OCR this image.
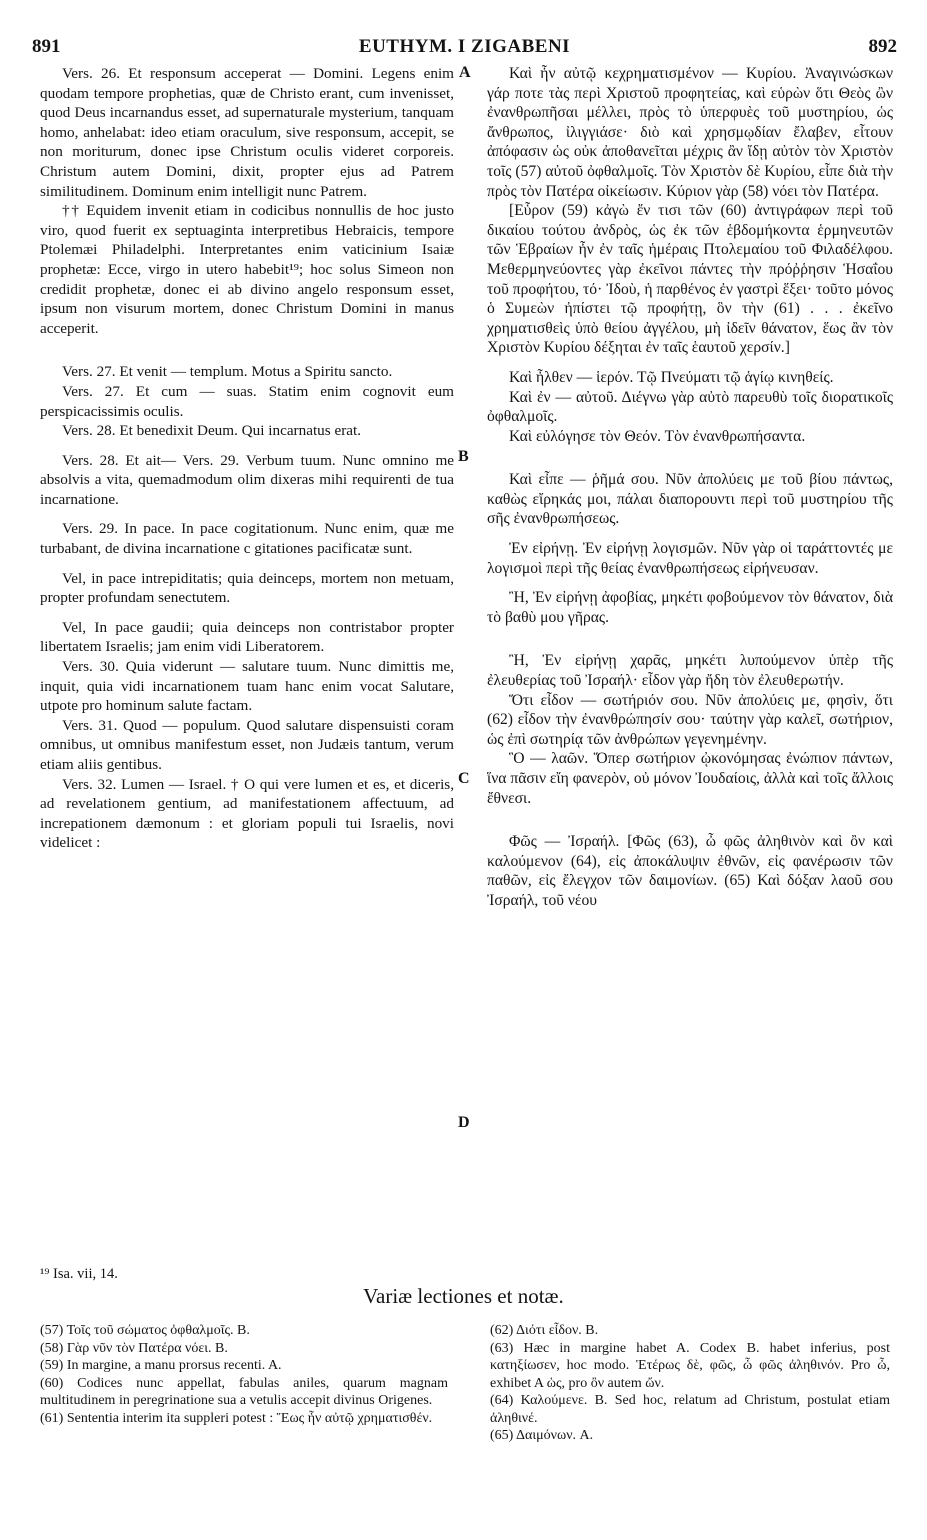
891	EUTHYM. I ZIGABENI	892
A
B
C
D

Vers. 26. Et responsum acceperat — Domini. Legens enim quodam tempore prophetias, quæ de Christo erant, cum invenisset, quod Deus incarnandus esset, ad supernaturale mysterium, tanquam homo, anhelabat: ideo etiam oraculum, sive responsum, accepit, se non moriturum, donec ipse Christum oculis videret corporeis. Christum autem Domini, dixit, propter ejus ad Patrem similitudinem. Dominum enim intelligit nunc Patrem.

†† Equidem invenit etiam in codicibus nonnullis de hoc justo viro, quod fuerit ex septuaginta interpretibus Hebraicis, tempore Ptolemæi Philadelphi. Interpretantes enim vaticinium Isaiæ prophetæ: Ecce, virgo in utero habebit¹⁹; hoc solus Simeon non credidit prophetæ, donec ei ab divino angelo responsum esset, ipsum non visurum mortem, donec Christum Domini in manus acceperit.

Vers. 27. Et venit — templum. Motus a Spiritu sancto.

Vers. 27. Et cum — suas. Statim enim cognovit eum perspicacissimis oculis.

Vers. 28. Et benedixit Deum. Qui incarnatus erat.

Vers. 28. Et ait— Vers. 29. Verbum tuum. Nunc omnino me absolvis a vita, quemadmodum olim dixeras mihi requirenti de tua incarnatione.

Vers. 29. In pace. In pace cogitationum. Nunc enim, quæ me turbabant, de divina incarnatione c gitationes pacificatæ sunt.

Vel, in pace intrepiditatis; quia deinceps, mortem non metuam, propter profundam senectutem.

Vel, In pace gaudii; quia deinceps non contristabor propter libertatem Israelis; jam enim vidi Liberatorem.

Vers. 30. Quia viderunt — salutare tuum. Nunc dimittis me, inquit, quia vidi incarnationem tuam hanc enim vocat Salutare, utpote pro hominum salute factam.

Vers. 31. Quod — populum. Quod salutare dispensuisti coram omnibus, ut omnibus manifestum esset, non Judæis tantum, verum etiam aliis gentibus.

Vers. 32. Lumen — Israel. † O qui vere lumen et es, et diceris, ad revelationem gentium, ad manifestationem affectuum, ad increpationem dæmonum : et gloriam populi tui Israelis, novi videlicet :

Καὶ ἦν αὐτῷ κεχρηματισμένον — Κυρίου. Ἀναγινώσκων γάρ ποτε τὰς περὶ Χριστοῦ προφητείας, καὶ εὑρὼν ὅτι Θεὸς ὢν ἐνανθρωπῆσαι μέλλει, πρὸς τὸ ὑπερφυὲς τοῦ μυστηρίου, ὡς ἄνθρωπος, ἰλιγγιάσε· διὸ καὶ χρησμῳδίαν ἔλαβεν, εἶτουν ἀπόφασιν ὡς οὐκ ἀποθανεῖται μέχρις ἂν ἴδῃ αὐτὸν τὸν Χριστὸν τοῖς (57) αὐτοῦ ὀφθαλμοῖς. Τὸν Χριστὸν δὲ Κυρίου, εἶπε διὰ τὴν πρὸς τὸν Πατέρα οἰκείωσιν. Κύριον γὰρ (58) νόει τὸν Πατέρα.

[Εὗρον (59) κἀγὼ ἔν τισι τῶν (60) ἀντιγράφων περὶ τοῦ δικαίου τούτου ἀνδρὸς, ὡς ἐκ τῶν ἑβδομήκοντα ἑρμηνευτῶν τῶν Ἑβραίων ἦν ἐν ταῖς ἡμέραις Πτολεμαίου τοῦ Φιλαδέλφου. Μεθερμηνεύοντες γὰρ ἐκεῖνοι πάντες τὴν πρόῤῥησιν Ἡσαΐου τοῦ προφήτου, τό· Ἰδοὺ, ἡ παρθένος ἐν γαστρὶ ἕξει· τοῦτο μόνος ὁ Συμεὼν ἠπίστει τῷ προφήτῃ, ὃν τὴν (61) . . . ἐκεῖνο χρηματισθεὶς ὑπὸ θείου ἀγγέλου, μὴ ἰδεῖν θάνατον, ἕως ἂν τὸν Χριστὸν Κυρίου δέξηται ἐν ταῖς ἑαυτοῦ χερσίν.]

Καὶ ἦλθεν — ἱερόν. Τῷ Πνεύματι τῷ ἁγίῳ κινηθείς.

Καὶ ἐν — αὐτοῦ. Διέγνω γὰρ αὐτὸ παρευθὺ τοῖς διορατικοῖς ὀφθαλμοῖς.

Καὶ εὐλόγησε τὸν Θεόν. Τὸν ἐνανθρωπήσαντα.

Καὶ εἶπε — ῥῆμά σου. Νῦν ἀπολύεις με τοῦ βίου πάντως, καθὼς εἴρηκάς μοι, πάλαι διαπορουντι περὶ τοῦ μυστηρίου τῆς σῆς ἐνανθρωπήσεως.

Ἐν εἰρήνῃ. Ἐν εἰρήνῃ λογισμῶν. Νῦν γὰρ οἱ ταράττοντές με λογισμοὶ περὶ τῆς θείας ἐνανθρωπήσεως εἰρήνευσαν.

Ἢ, Ἐν εἰρήνῃ ἀφοβίας, μηκέτι φοβούμενον τὸν θάνατον, διὰ τὸ βαθὺ μου γῆρας.

Ἢ, Ἐν εἰρήνῃ χαρᾶς, μηκέτι λυπούμενον ὑπὲρ τῆς ἐλευθερίας τοῦ Ἰσραήλ· εἶδον γὰρ ἤδη τὸν ἐλευθερωτήν.

Ὅτι εἶδον — σωτήριόν σου. Νῦν ἀπολύεις με, φησὶν, ὅτι (62) εἶδον τὴν ἐνανθρώπησίν σου· ταύτην γὰρ καλεῖ, σωτήριον, ὡς ἐπὶ σωτηρίᾳ τῶν ἀνθρώπων γεγενημένην.

Ὃ — λαῶν. Ὅπερ σωτήριον ᾠκονόμησας ἐνώπιον πάντων, ἵνα πᾶσιν εἴη φανερὸν, οὐ μόνον Ἰουδαίοις, ἀλλὰ καὶ τοῖς ἄλλοις ἔθνεσι.

Φῶς — Ἰσραήλ. [Φῶς (63), ὦ φῶς ἀληθινὸν καὶ ὂν καὶ καλούμενον (64), εἰς ἀποκάλυψιν ἐθνῶν, εἰς φανέρωσιν τῶν παθῶν, εἰς ἔλεγχον τῶν δαιμονίων. (65) Καὶ δόξαν λαοῦ σου Ἰσραήλ, τοῦ νέου

¹⁹ Isa. vii, 14.
Variæ lectiones et notæ.
(57) Τοῖς τοῦ σώματος ὀφθαλμοῖς. B.
(58) Γὰρ νῦν τὸν Πατέρα νόει. B.
(59) In margine, a manu prorsus recenti. A.
(60) Codices nunc appellat, fabulas aniles, quarum magnam multitudinem in peregrinatione sua a vetulis accepit divinus Origenes.
(61) Sententia interim ita suppleri potest : Ἕως ἦν αὐτῷ χρηματισθέν.
(62) Διότι εἶδον. B.
(63) Hæc in margine habet A. Codex B. habet inferius, post κατηξίωσεν, hoc modo. Ἑτέρως δὲ, φῶς, ὦ φῶς ἀληθινόν. Pro ὦ, exhibet A ὡς, pro ὂν autem ὤν.
(64) Καλούμενε. B. Sed hoc, relatum ad Christum, postulat etiam ἀληθινέ.
(65) Δαιμόνων. A.
